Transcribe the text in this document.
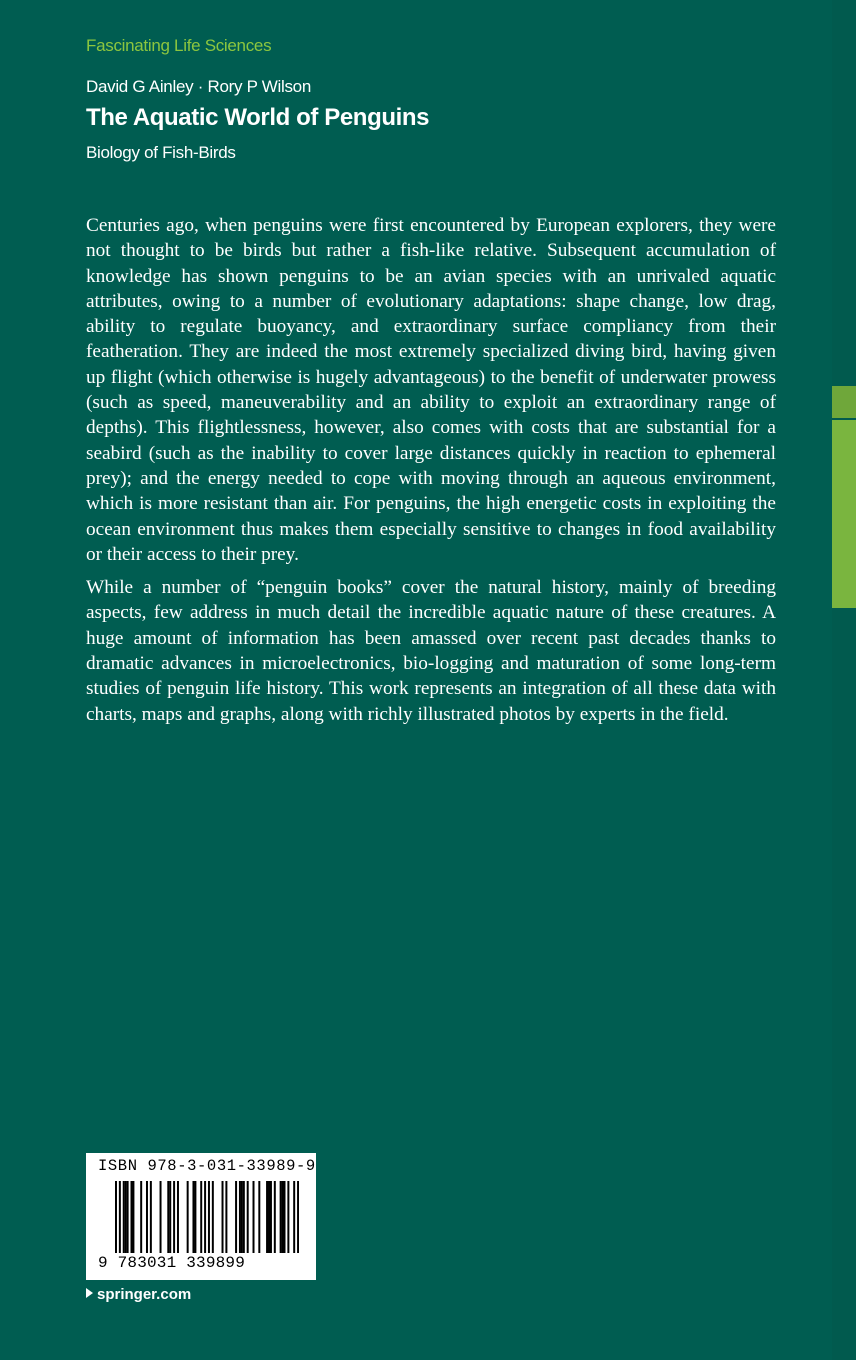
Fascinating Life Sciences
David G Ainley · Rory P Wilson
The Aquatic World of Penguins
Biology of Fish-Birds

Centuries ago, when penguins were first encountered by European explorers, they were not thought to be birds but rather a fish-like relative. Subsequent accumulation of knowledge has shown penguins to be an avian species with an unrivaled aquatic attributes, owing to a number of evolutionary adaptations: shape change, low drag, ability to regulate buoyancy, and extraordinary surface compliancy from their featheration. They are indeed the most extremely specialized diving bird, having given up flight (which otherwise is hugely advantageous) to the benefit of underwater prowess (such as speed, maneuverability and an ability to exploit an extraordinary range of depths). This flightlessness, however, also comes with costs that are substantial for a seabird (such as the inability to cover large distances quickly in reaction to ephemeral prey); and the energy needed to cope with moving through an aqueous environment, which is more resistant than air. For penguins, the high energetic costs in exploiting the ocean environment thus makes them especially sensitive to changes in food availability or their access to their prey.

While a number of “penguin books” cover the natural history, mainly of breeding aspects, few address in much detail the incredible aquatic nature of these creatures. A huge amount of information has been amassed over recent past decades thanks to dramatic advances in microelectronics, bio-logging and maturation of some long-term studies of penguin life history. This work represents an integration of all these data with charts, maps and graphs, along with richly illustrated photos by experts in the field.

ISBN 978-3-031-33989-9
9 783031 339899
springer.com
